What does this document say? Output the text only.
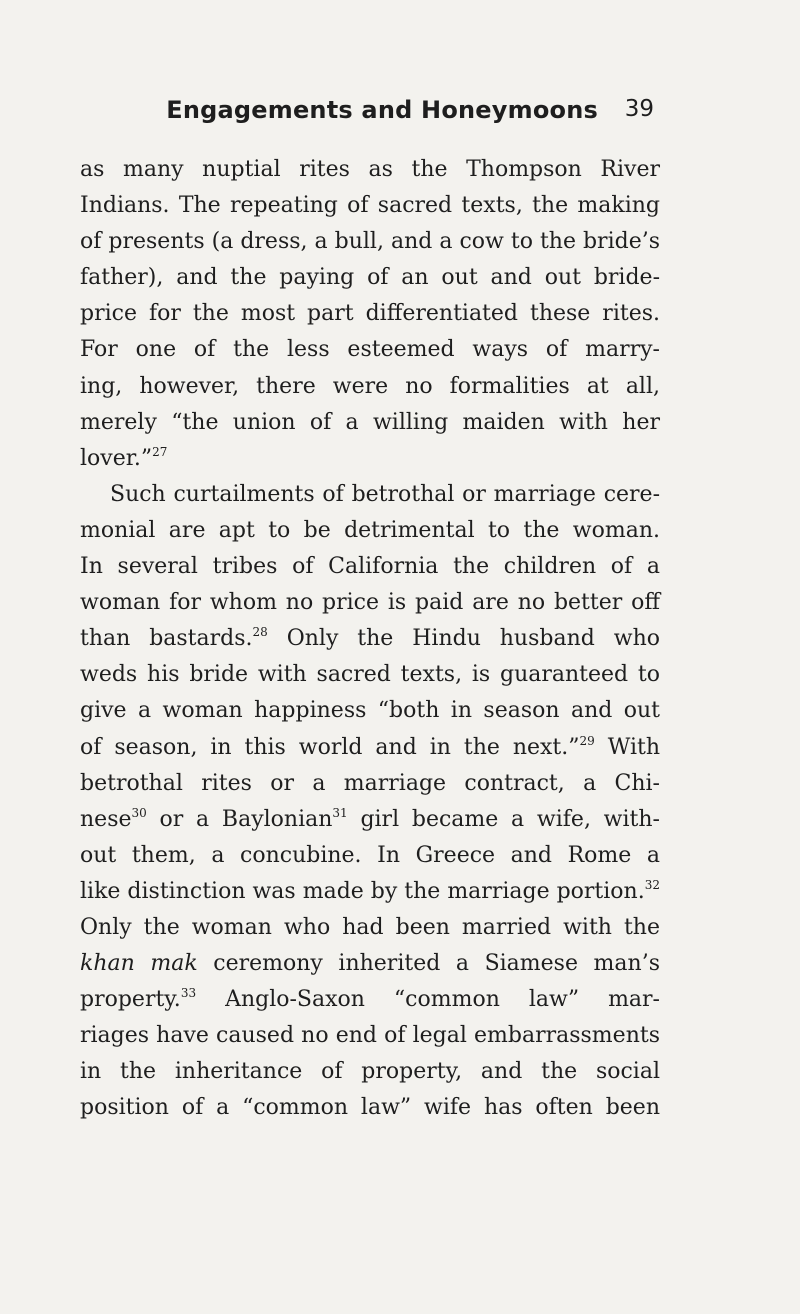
Engagements and Honeymoons 39
as many nuptial rites as the Thompson River
Indians. The repeating of sacred texts, the making
of presents (a dress, a bull, and a cow to the bride’s
father), and the paying of an out and out bride-
price for the most part differentiated these rites.
For one of the less esteemed ways of marry-
ing, however, there were no formalities at all,
merely “the union of a willing maiden with her
lover.”$^{27}$
Such curtailments of betrothal or marriage cere-
monial are apt to be detrimental to the woman.
In several tribes of California the children of a
woman for whom no price is paid are no better off
than bastards.$^{28}$ Only the Hindu husband who
weds his bride with sacred texts, is guaranteed to
give a woman happiness “both in season and out
of season, in this world and in the next.”$^{29}$ With
betrothal rites or a marriage contract, a Chi-
nese$^{30}$ or a Baylonian$^{31}$ girl became a wife, with-
out them, a concubine. In Greece and Rome a
like distinction was made by the marriage portion.$^{32}$
Only the woman who had been married with the
khan mak ceremony inherited a Siamese man’s
property.$^{33}$ Anglo-Saxon “common law” mar-
riages have caused no end of legal embarrassments
in the inheritance of property, and the social
position of a “common law” wife has often been
